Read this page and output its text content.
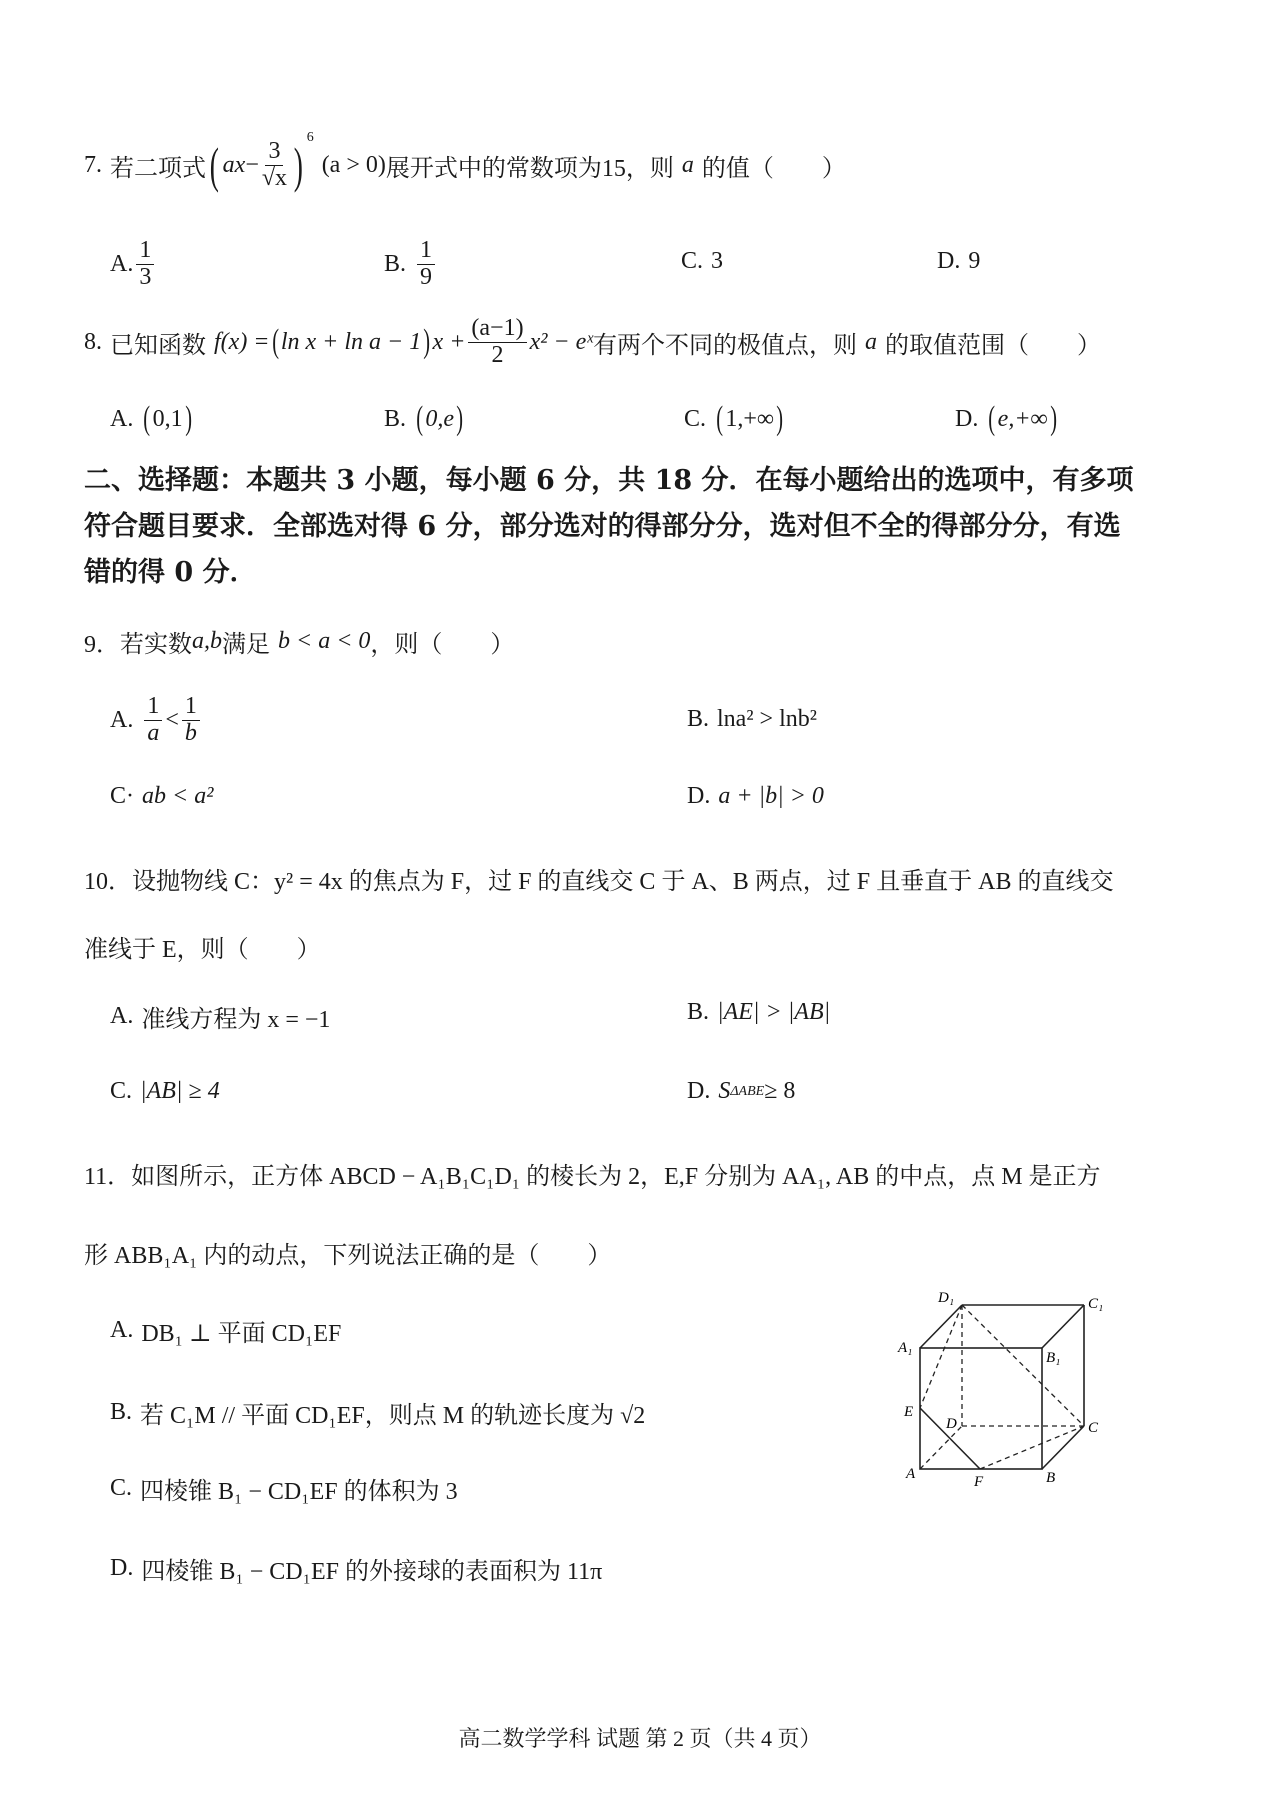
7. 若二项式 ( ax − $\frac{3}{√x}$ ) $^6$
(a > 0) 展开式中的常数项为15，则 a 的值（　　）
A. $\frac{1}{3}$	B. $\frac{1}{9}$	C. 3	D. 9
8. 已知函数 f(x) = ( ln x + ln a − 1 ) $x + \frac{(a-1)}{2} x^2$ − eˣ 有两个不同的极值点，则 a 的取值范围（　　）
A. ( 0,1 )	B. ( 0,e )	C. ( 1,+∞ )	D. ( e,+∞ )
二、选择题：本题共 3 小题，每小题 6 分，共 18 分．在每小题给出的选项中，有多项
符合题目要求．全部选对得 6 分，部分选对的得部分分，选对但不全的得部分分，有选
错的得 0 分．
9．若实数 a,b 满足 b < a < 0 ，则（　　）
A. $\frac{1}{a} < \frac{1}{b}$	B. lna² > lnb²
C· ab < a²	D. a + |b| > 0
10．设抛物线 C：y² = 4x 的焦点为 F，过 F 的直线交 C 于 A、B 两点，过 F 且垂直于 AB 的直线交
准线于 E，则（　　）
A. 准线方程为 x = −1	B. |AE| > |AB|
C. |AB| ≥ 4	D. S ΔABE ≥ 8
11．如图所示，正方体 ABCD − A₁B₁C₁D₁ 的棱长为 2，E,F 分别为 AA₁, AB 的中点，点 M 是正方
形 ABB₁A₁ 内的动点，下列说法正确的是（　　）
A. DB₁ ⊥ 平面 CD₁EF
B. 若 C₁M // 平面 CD₁EF，则点 M 的轨迹长度为 √2
C. 四棱锥 B₁ − CD₁EF 的体积为 3
D. 四棱锥 B₁ − CD₁EF 的外接球的表面积为 11π
D₁	C₁
A₁
B₁
E
D	C
A	F	B
高二数学学科 试题 第 2 页（共 4 页）
